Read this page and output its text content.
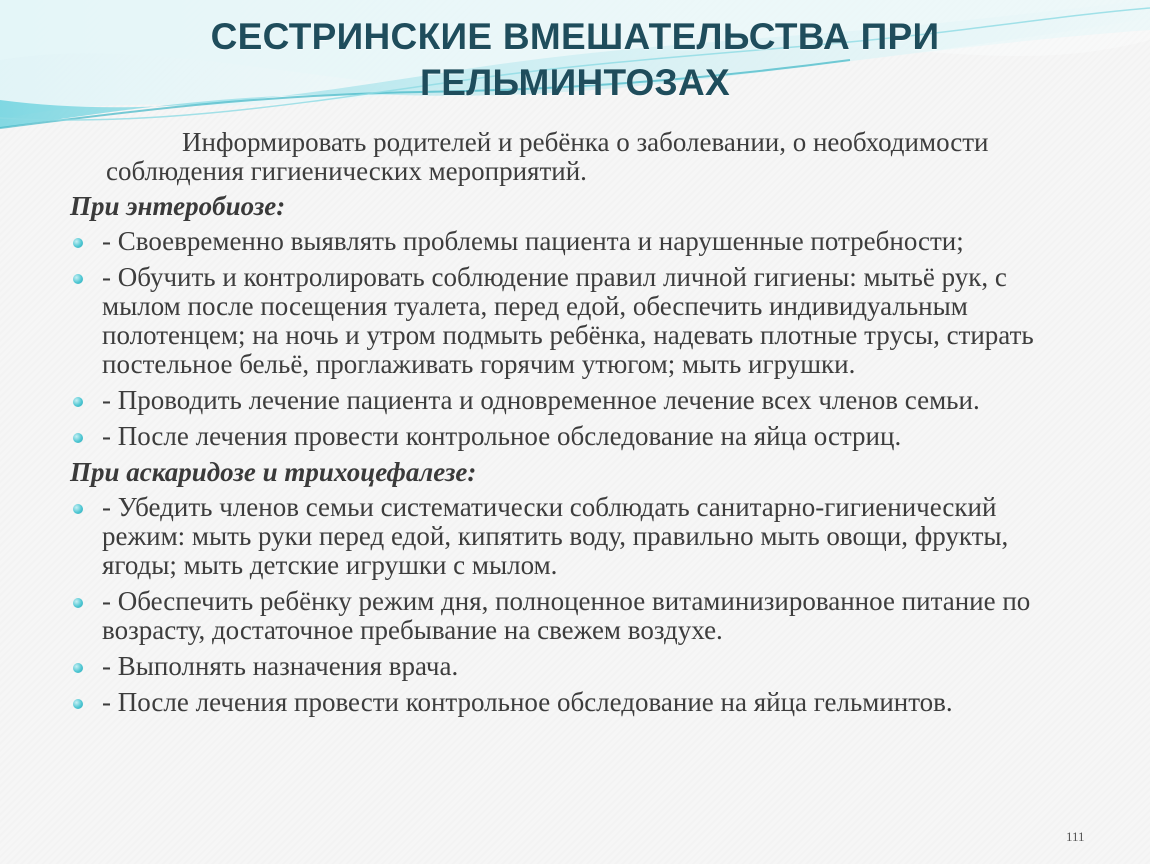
СЕСТРИНСКИЕ ВМЕШАТЕЛЬСТВА ПРИ
ГЕЛЬМИНТОЗАХ

Информировать родителей и ребёнка о заболевании, о необходимости соблюдения гигиенических мероприятий.

При энтеробиозе:
- Своевременно выявлять проблемы пациента и нарушенные потребности;
- Обучить и контролировать соблюдение правил личной гигиены: мытьё рук, с мылом после посещения туалета, перед едой, обеспечить индивидуальным полотенцем; на ночь и утром подмыть ребёнка, надевать плотные трусы, стирать постельное бельё, проглаживать горячим утюгом; мыть игрушки.
- Проводить лечение пациента и одновременное лечение всех членов семьи.
- После лечения провести контрольное обследование на яйца остриц.
При аскаридозе и трихоцефалезе:
- Убедить членов семьи систематически соблюдать санитарно-гигиенический режим: мыть руки перед едой, кипятить воду, правильно мыть овощи, фрукты, ягоды; мыть детские игрушки с мылом.
- Обеспечить ребёнку режим дня, полноценное витаминизированное питание по возрасту, достаточное пребывание на свежем воздухе.
- Выполнять назначения врача.
- После лечения провести контрольное обследование на яйца гельминтов.
111
